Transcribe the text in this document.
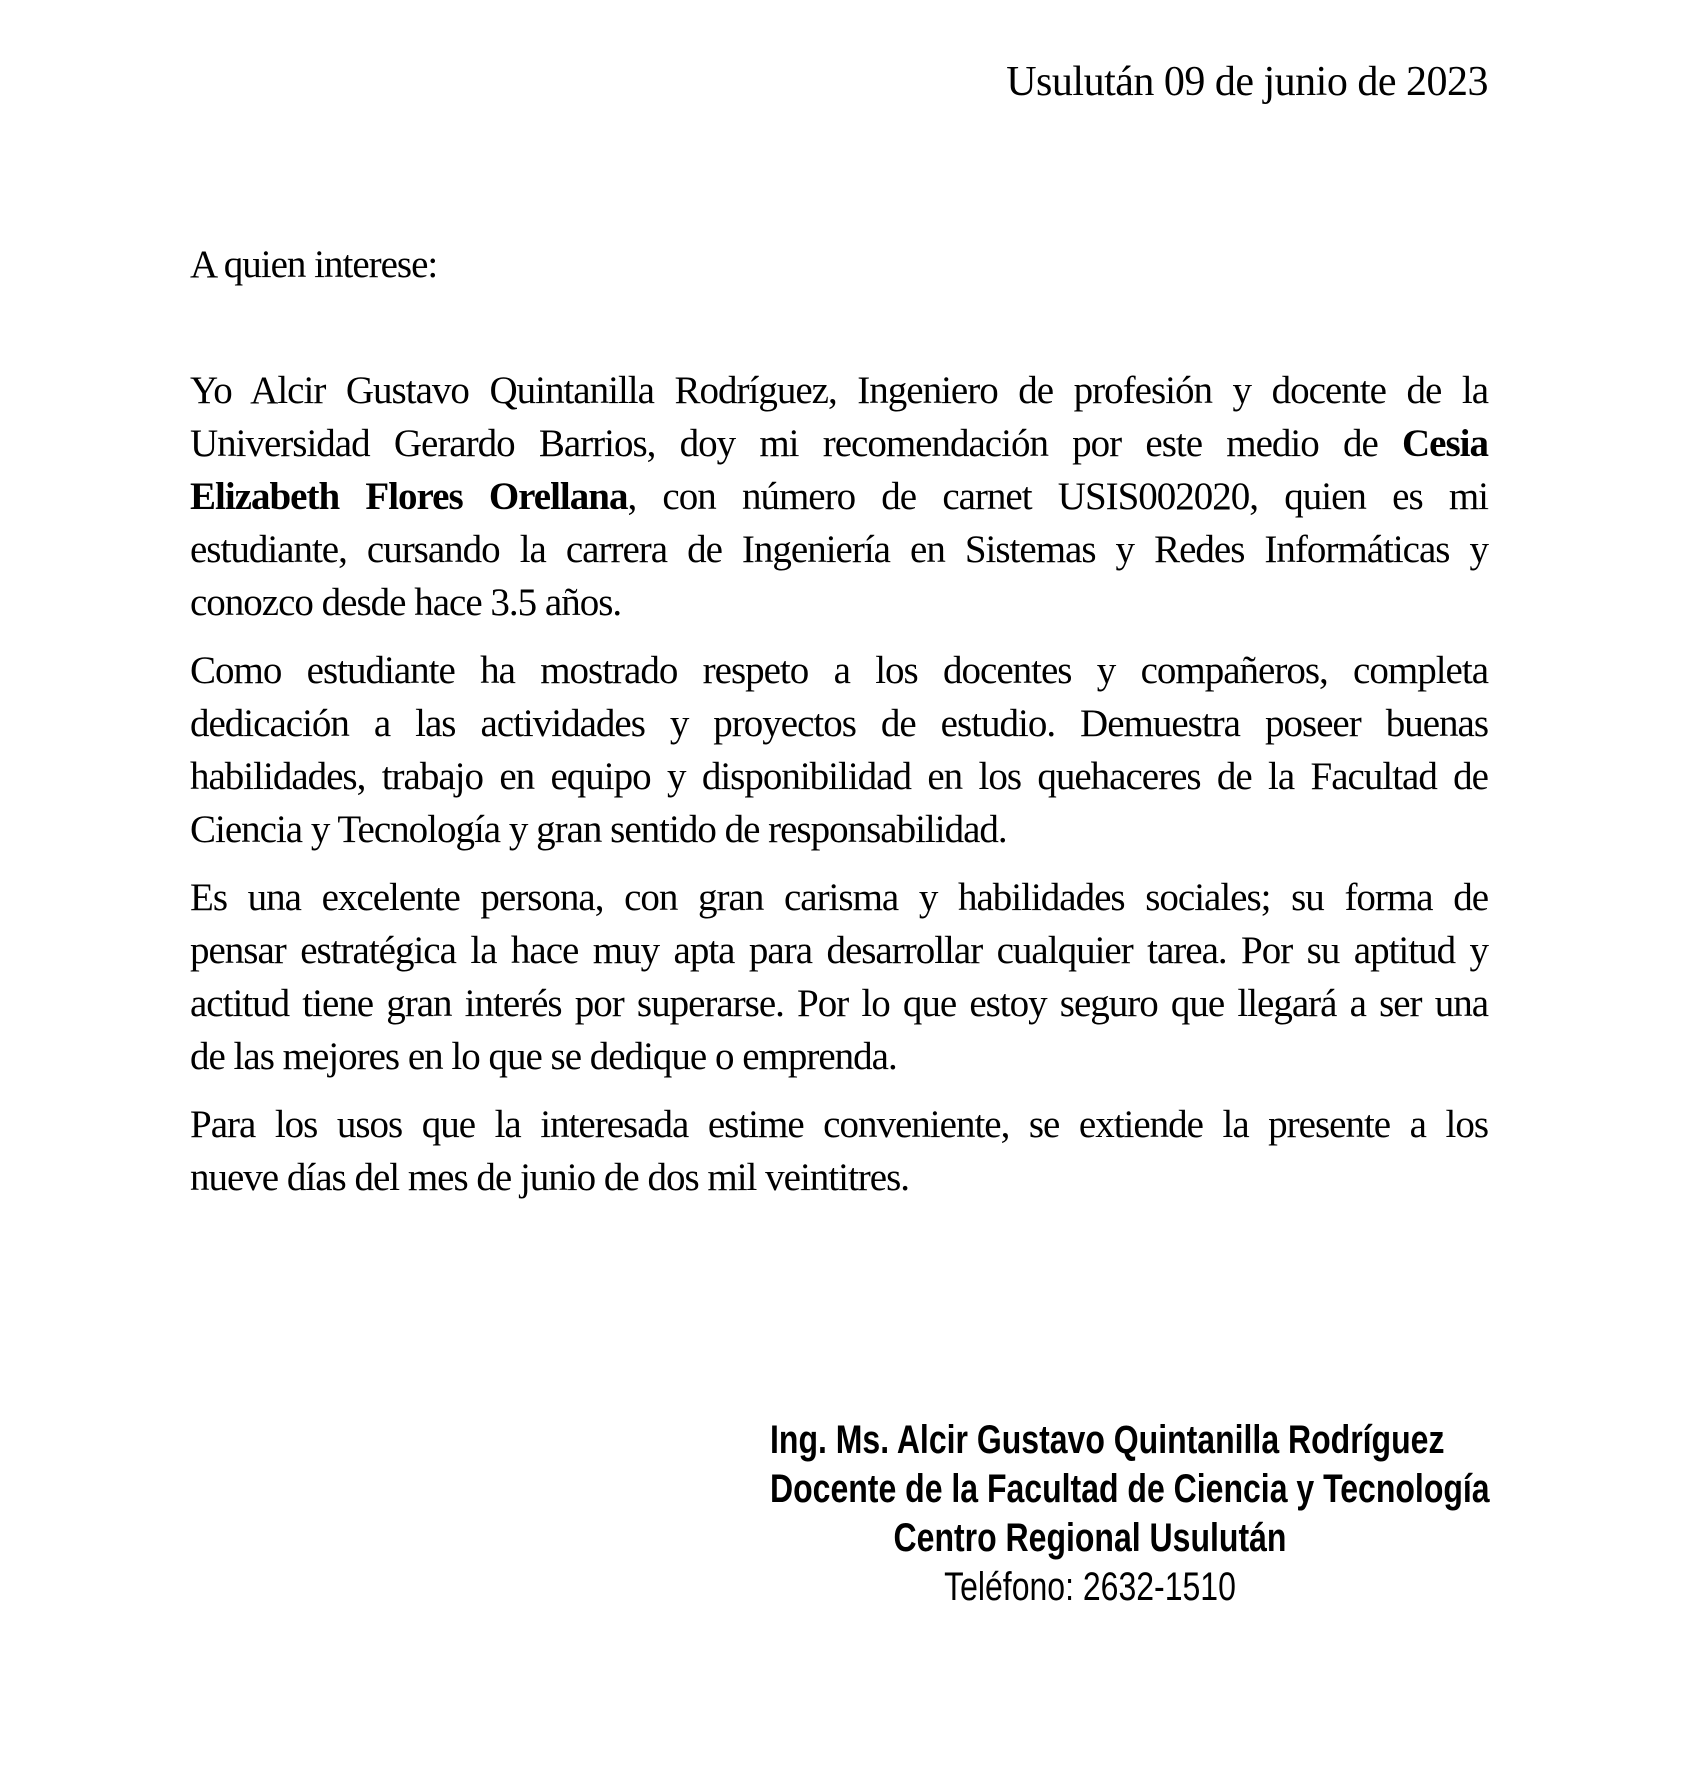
Usulután 09 de junio de 2023
A quien interese:
Yo Alcir Gustavo Quintanilla Rodríguez, Ingeniero de profesión y docente de la
Universidad Gerardo Barrios, doy mi recomendación por este medio de Cesia
Elizabeth Flores Orellana, con número de carnet USIS002020, quien es mi
estudiante, cursando la carrera de Ingeniería en Sistemas y Redes Informáticas y
conozco desde hace 3.5 años.
Como estudiante ha mostrado respeto a los docentes y compañeros, completa
dedicación a las actividades y proyectos de estudio. Demuestra poseer buenas
habilidades, trabajo en equipo y disponibilidad en los quehaceres de la Facultad de
Ciencia y Tecnología y gran sentido de responsabilidad.
Es una excelente persona, con gran carisma y habilidades sociales; su forma de
pensar estratégica la hace muy apta para desarrollar cualquier tarea. Por su aptitud y
actitud tiene gran interés por superarse. Por lo que estoy seguro que llegará a ser una
de las mejores en lo que se dedique o emprenda.
Para los usos que la interesada estime conveniente, se extiende la presente a los
nueve días del mes de junio de dos mil veintitres.
Ing. Ms. Alcir Gustavo Quintanilla Rodríguez
Docente de la Facultad de Ciencia y Tecnología
Centro Regional Usulután
Teléfono: 2632-1510
